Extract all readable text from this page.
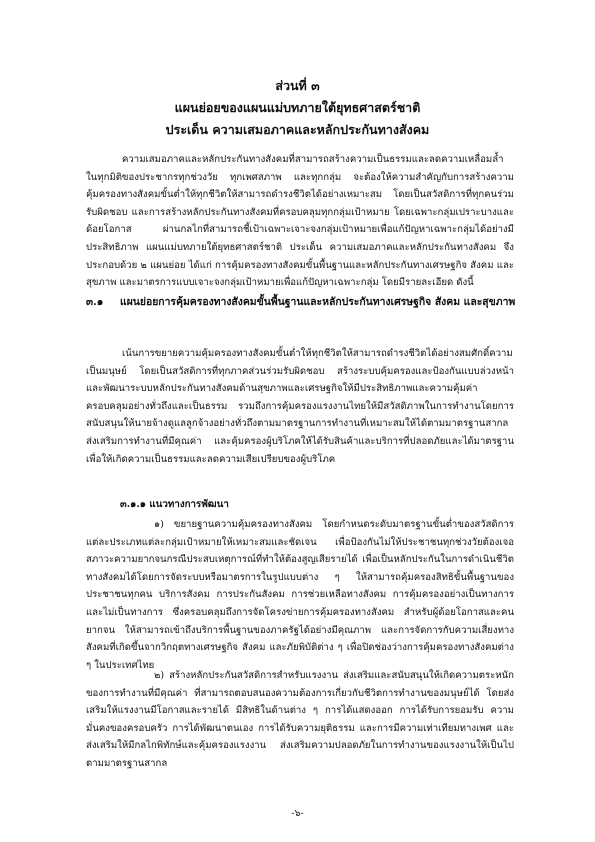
ส่วนที่ ๓
แผนย่อยของแผนแม่บทภายใต้ยุทธศาสตร์ชาติ
ประเด็น ความเสมอภาคและหลักประกันทางสังคม
ความเสมอภาคและหลักประกันทางสังคมที่สามารถสร้างความเป็นธรรมและลดความเหลื่อมล้ำในทุกมิติของประชากรทุกช่วงวัย ทุกเพศสภาพ และทุกกลุ่ม จะต้องให้ความสำคัญกับการสร้างความคุ้มครองทางสังคมขั้นต่ำให้ทุกชีวิตให้สามารถดำรงชีวิตได้อย่างเหมาะสม โดยเป็นสวัสดิการที่ทุกคนร่วมรับผิดชอบ และการสร้างหลักประกันทางสังคมที่ครอบคลุมทุกกลุ่มเป้าหมาย โดยเฉพาะกลุ่มเปราะบางและด้อยโอกาส ผ่านกลไกที่สามารถชี้เป้าเฉพาะเจาะจงกลุ่มเป้าหมายเพื่อแก้ปัญหาเฉพาะกลุ่มได้อย่างมีประสิทธิภาพ แผนแม่บทภายใต้ยุทธศาสตร์ชาติ ประเด็น ความเสมอภาคและหลักประกันทางสังคม จึงประกอบด้วย ๒ แผนย่อย ได้แก่ การคุ้มครองทางสังคมขั้นพื้นฐานและหลักประกันทางเศรษฐกิจ สังคม และสุขภาพ และมาตรการแบบเจาะจงกลุ่มเป้าหมายเพื่อแก้ปัญหาเฉพาะกลุ่ม โดยมีรายละเอียด ดังนี้
๓.๑ แผนย่อยการคุ้มครองทางสังคมขั้นพื้นฐานและหลักประกันทางเศรษฐกิจ สังคม และสุขภาพ
เน้นการขยายความคุ้มครองทางสังคมขั้นต่ำให้ทุกชีวิตให้สามารถดำรงชีวิตได้อย่างสมศักดิ์ความเป็นมนุษย์ โดยเป็นสวัสดิการที่ทุกภาคส่วนร่วมรับผิดชอบ สร้างระบบคุ้มครองและป้องกันแบบล่วงหน้า และพัฒนาระบบหลักประกันทางสังคมด้านสุขภาพและเศรษฐกิจให้มีประสิทธิภาพและความคุ้มค่า ครอบคลุมอย่างทั่วถึงและเป็นธรรม รวมถึงการคุ้มครองแรงงานไทยให้มีสวัสดิภาพในการทำงานโดยการสนับสนุนให้นายจ้างดูแลลูกจ้างอย่างทั่วถึงตามมาตรฐานการทำงานที่เหมาะสมให้ได้ตามมาตรฐานสากล ส่งเสริมการทำงานที่มีคุณค่า และคุ้มครองผู้บริโภคให้ได้รับสินค้าและบริการที่ปลอดภัยและได้มาตรฐาน เพื่อให้เกิดความเป็นธรรมและลดความเสียเปรียบของผู้บริโภค
๓.๑.๑ แนวทางการพัฒนา
๑) ขยายฐานความคุ้มครองทางสังคม โดยกำหนดระดับมาตรฐานขั้นต่ำของสวัสดิการแต่ละประเภทแต่ละกลุ่มเป้าหมายให้เหมาะสมและชัดเจน เพื่อป้องกันไม่ให้ประชาชนทุกช่วงวัยต้องเจอสภาวะความยากจนกรณีประสบเหตุการณ์ที่ทำให้ต้องสูญเสียรายได้ เพื่อเป็นหลักประกันในการดำเนินชีวิตทางสังคมได้โดยการจัดระบบหรือมาตรการในรูปแบบต่าง ๆ ให้สามารถคุ้มครองสิทธิขั้นพื้นฐานของประชาชนทุกคน บริการสังคม การประกันสังคม การช่วยเหลือทางสังคม การคุ้มครองอย่างเป็นทางการและไม่เป็นทางการ ซึ่งครอบคลุมถึงการจัดโครงข่ายการคุ้มครองทางสังคม สำหรับผู้ด้อยโอกาสและคนยากจน ให้สามารถเข้าถึงบริการพื้นฐานของภาครัฐได้อย่างมีคุณภาพ และการจัดการกับความเสี่ยงทางสังคมที่เกิดขึ้นจากวิกฤตทางเศรษฐกิจ สังคม และภัยพิบัติต่าง ๆ เพื่อปิดช่องว่างการคุ้มครองทางสังคมต่าง ๆ ในประเทศไทย
๒) สร้างหลักประกันสวัสดิการสำหรับแรงงาน ส่งเสริมและสนับสนุนให้เกิดความตระหนักของการทำงานที่มีคุณค่า ที่สามารถตอบสนองความต้องการเกี่ยวกับชีวิตการทำงานของมนุษย์ได้ โดยส่งเสริมให้แรงงานมีโอกาสและรายได้ มีสิทธิในด้านต่าง ๆ การได้แสดงออก การได้รับการยอมรับ ความมั่นคงของครอบครัว การได้พัฒนาตนเอง การได้รับความยุติธรรม และการมีความเท่าเทียมทางเพศ และส่งเสริมให้มีกลไกพิทักษ์และคุ้มครองแรงงาน ส่งเสริมความปลอดภัยในการทำงานของแรงงานให้เป็นไปตามมาตรฐานสากล
-๖-
